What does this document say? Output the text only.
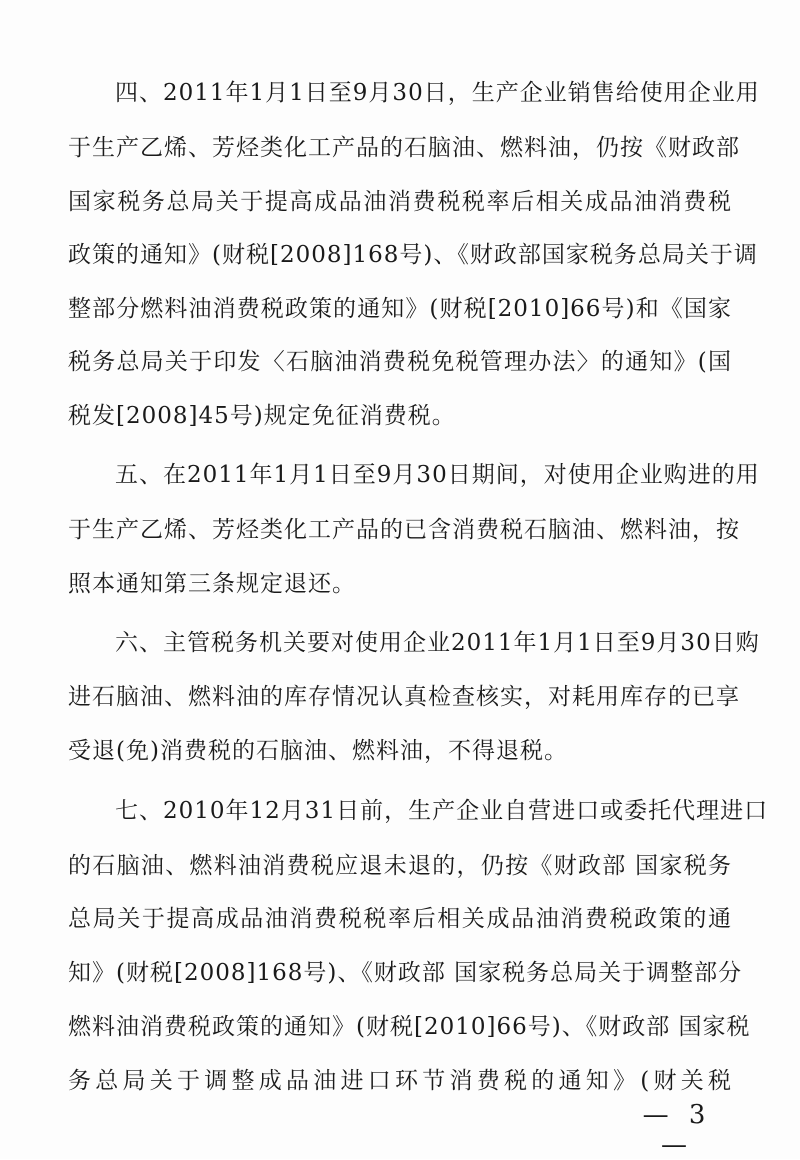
四、2011年1月1日至9月30日，生产企业销售给使用企业用
于生产乙烯、芳烃类化工产品的石脑油、燃料油，仍按《财政部
国家税务总局关于提高成品油消费税税率后相关成品油消费税
政策的通知》(财税[2008]168号)、《财政部国家税务总局关于调
整部分燃料油消费税政策的通知》(财税[2010]66号)和《国家
税务总局关于印发〈石脑油消费税免税管理办法〉的通知》(国
税发[2008]45号)规定免征消费税。
五、在2011年1月1日至9月30日期间，对使用企业购进的用
于生产乙烯、芳烃类化工产品的已含消费税石脑油、燃料油，按
照本通知第三条规定退还。
六、主管税务机关要对使用企业2011年1月1日至9月30日购
进石脑油、燃料油的库存情况认真检查核实，对耗用库存的已享
受退(免)消费税的石脑油、燃料油，不得退税。
七、2010年12月31日前，生产企业自营进口或委托代理进口
的石脑油、燃料油消费税应退未退的，仍按《财政部 国家税务
总局关于提高成品油消费税税率后相关成品油消费税政策的通
知》(财税[2008]168号)、《财政部 国家税务总局关于调整部分
燃料油消费税政策的通知》(财税[2010]66号)、《财政部 国家税
务总局关于调整成品油进口环节消费税的通知》(财关税
— 3 —
